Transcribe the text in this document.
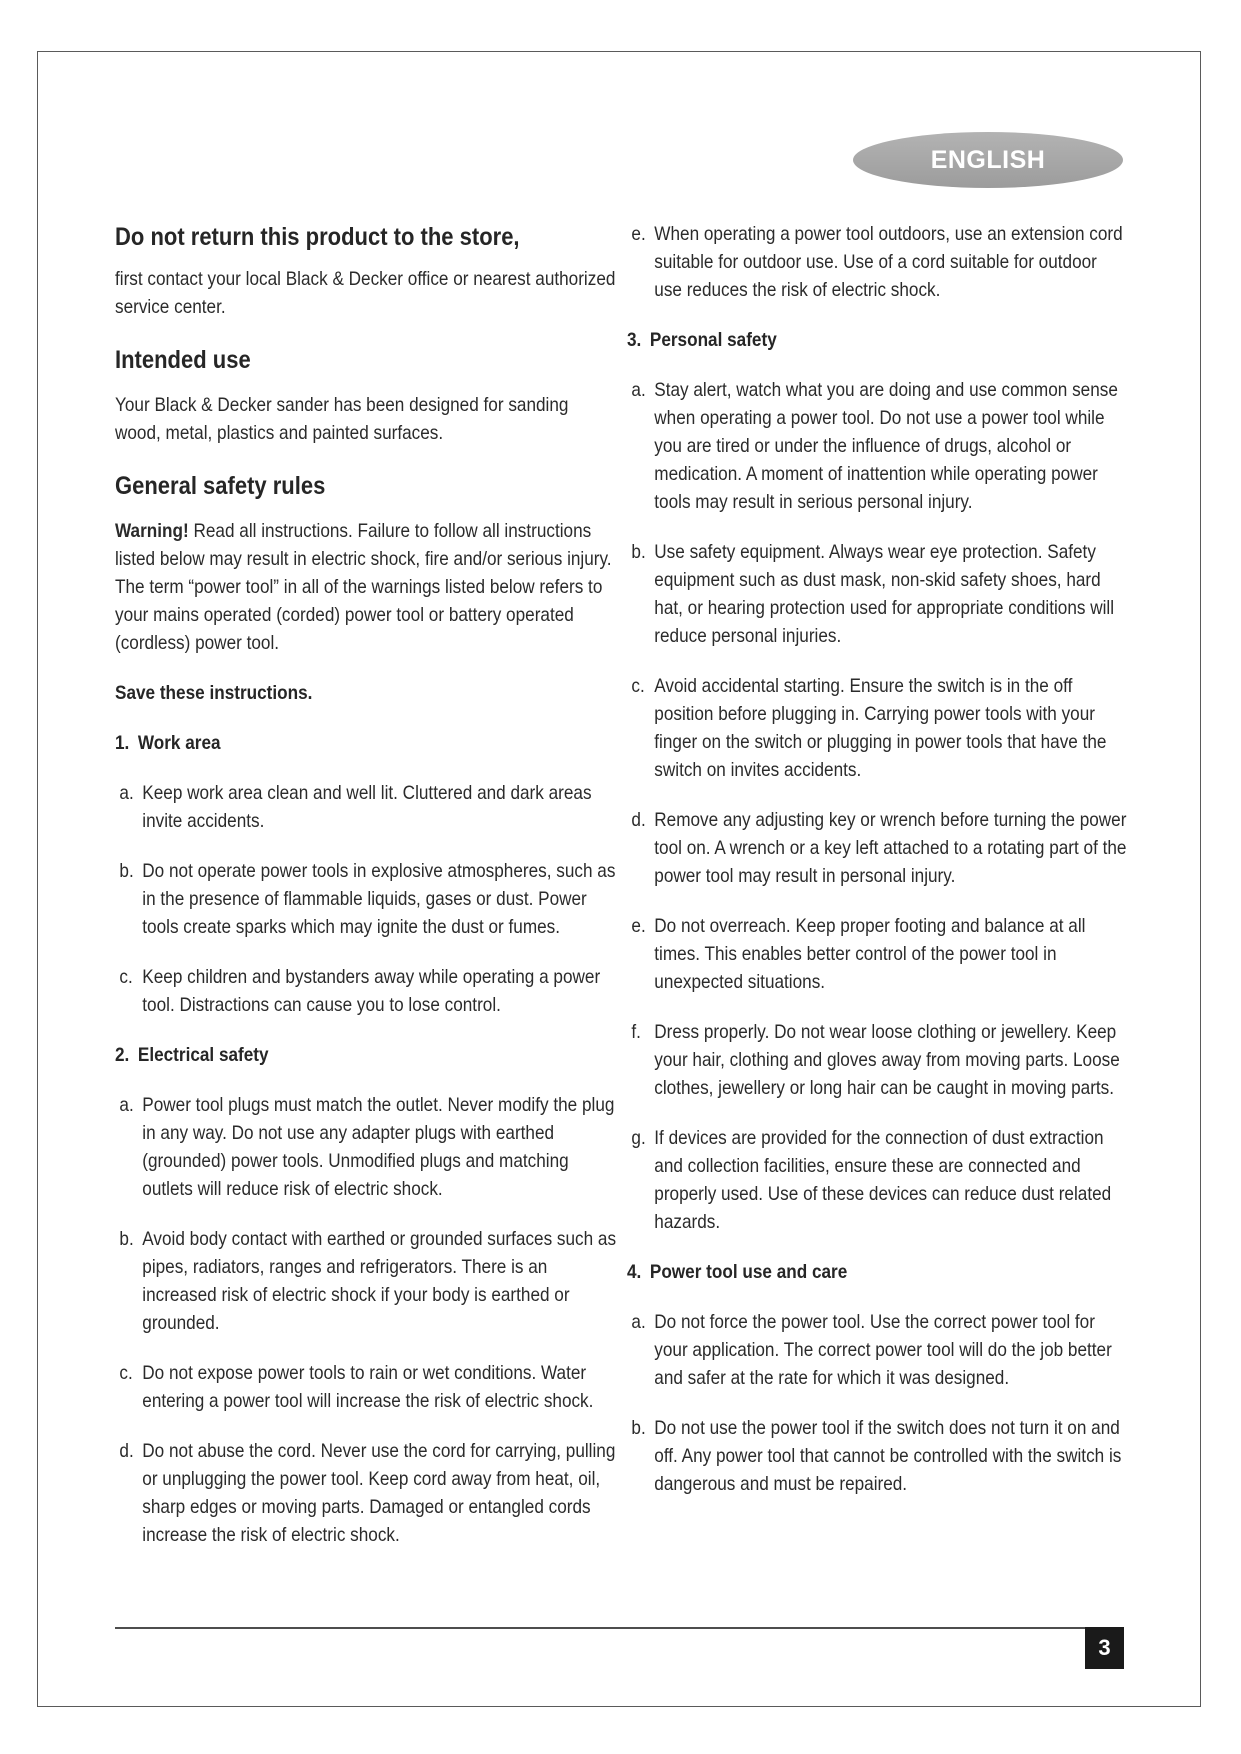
ENGLISH
Do not return this product to the store,

first contact your local Black & Decker office or nearest authorized service center.

Intended use

Your Black & Decker sander has been designed for sanding wood, metal, plastics and painted surfaces.

General safety rules

Warning! Read all instructions. Failure to follow all instructions listed below may result in electric shock, fire and/or serious injury. The term “power tool” in all of the warnings listed below refers to your mains operated (corded) power tool or battery operated (cordless) power tool.

Save these instructions.
1. Work area
a. Keep work area clean and well lit. Cluttered and dark areas invite accidents.
b. Do not operate power tools in explosive atmospheres, such as in the presence of flammable liquids, gases or dust. Power tools create sparks which may ignite the dust or fumes.
c. Keep children and bystanders away while operating a power tool. Distractions can cause you to lose control.
2. Electrical safety
a. Power tool plugs must match the outlet. Never modify the plug in any way. Do not use any adapter plugs with earthed (grounded) power tools. Unmodified plugs and matching outlets will reduce risk of electric shock.
b. Avoid body contact with earthed or grounded surfaces such as pipes, radiators, ranges and refrigerators. There is an increased risk of electric shock if your body is earthed or grounded.
c. Do not expose power tools to rain or wet conditions. Water entering a power tool will increase the risk of electric shock.
d. Do not abuse the cord. Never use the cord for carrying, pulling or unplugging the power tool. Keep cord away from heat, oil, sharp edges or moving parts. Damaged or entangled cords increase the risk of electric shock.
e. When operating a power tool outdoors, use an extension cord suitable for outdoor use. Use of a cord suitable for outdoor use reduces the risk of electric shock.
3. Personal safety
a. Stay alert, watch what you are doing and use common sense when operating a power tool. Do not use a power tool while you are tired or under the influence of drugs, alcohol or medication. A moment of inattention while operating power tools may result in serious personal injury.
b. Use safety equipment. Always wear eye protection. Safety equipment such as dust mask, non-skid safety shoes, hard hat, or hearing protection used for appropriate conditions will reduce personal injuries.
c. Avoid accidental starting. Ensure the switch is in the off position before plugging in. Carrying power tools with your finger on the switch or plugging in power tools that have the switch on invites accidents.
d. Remove any adjusting key or wrench before turning the power tool on. A wrench or a key left attached to a rotating part of the power tool may result in personal injury.
e. Do not overreach. Keep proper footing and balance at all times. This enables better control of the power tool in unexpected situations.
f. Dress properly. Do not wear loose clothing or jewellery. Keep your hair, clothing and gloves away from moving parts. Loose clothes, jewellery or long hair can be caught in moving parts.
g. If devices are provided for the connection of dust extraction and collection facilities, ensure these are connected and properly used. Use of these devices can reduce dust related hazards.
4. Power tool use and care
a. Do not force the power tool. Use the correct power tool for your application. The correct power tool will do the job better and safer at the rate for which it was designed.
b. Do not use the power tool if the switch does not turn it on and off. Any power tool that cannot be controlled with the switch is dangerous and must be repaired.
3
